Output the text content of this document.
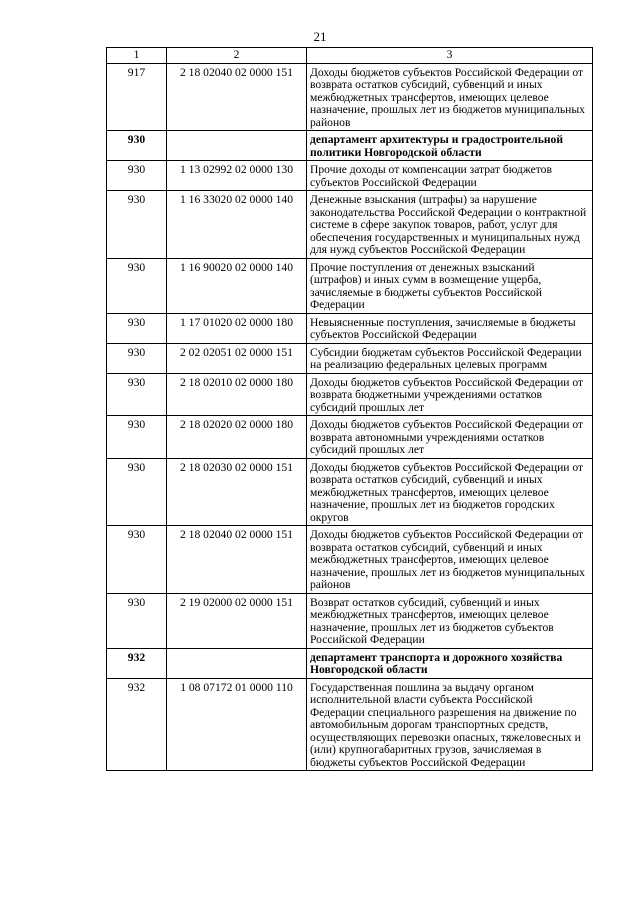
21
1	2	3
917	2 18 02040 02 0000 151	Доходы бюджетов субъектов Российской Федерации от возврата остатков субсидий, субвенций и иных межбюджетных трансфертов, имеющих целевое назначение, прошлых лет из бюджетов муниципальных районов
930		департамент архитектуры и градостроительной политики Новгородской области
930	1 13 02992 02 0000 130	Прочие доходы от компенсации затрат бюджетов субъектов Российской Федерации
930	1 16 33020 02 0000 140	Денежные взыскания (штрафы) за нарушение законодательства Российской Федерации о контрактной системе в сфере закупок товаров, работ, услуг для обеспечения государственных и муниципальных нужд для нужд субъектов Российской Федерации
930	1 16 90020 02 0000 140	Прочие поступления от денежных взысканий (штрафов) и иных сумм в возмещение ущерба, зачисляемые в бюджеты субъектов Российской Федерации
930	1 17 01020 02 0000 180	Невыясненные поступления, зачисляемые в бюджеты субъектов Российской Федерации
930	2 02 02051 02 0000 151	Субсидии бюджетам субъектов Российской Федерации на реализацию федеральных целевых программ
930	2 18 02010 02 0000 180	Доходы бюджетов субъектов Российской Федерации от возврата бюджетными учреждениями остатков субсидий прошлых лет
930	2 18 02020 02 0000 180	Доходы бюджетов субъектов Российской Федерации от возврата автономными учреждениями остатков субсидий прошлых лет
930	2 18 02030 02 0000 151	Доходы бюджетов субъектов Российской Федерации от возврата остатков субсидий, субвенций и иных межбюджетных трансфертов, имеющих целевое назначение, прошлых лет из бюджетов городских округов
930	2 18 02040 02 0000 151	Доходы бюджетов субъектов Российской Федерации от возврата остатков субсидий, субвенций и иных межбюджетных трансфертов, имеющих целевое назначение, прошлых лет из бюджетов муниципальных районов
930	2 19 02000 02 0000 151	Возврат остатков субсидий, субвенций и иных межбюджетных трансфертов, имеющих целевое назначение, прошлых лет из бюджетов субъектов Российской Федерации
932		департамент транспорта и дорожного хозяйства Новгородской области
932	1 08 07172 01 0000 110	Государственная пошлина за выдачу органом исполнительной власти субъекта Российской Федерации специального разрешения на движение по автомобильным дорогам транспортных средств, осуществляющих перевозки опасных, тяжеловесных и (или) крупногабаритных грузов, зачисляемая в бюджеты субъектов Российской Федерации
